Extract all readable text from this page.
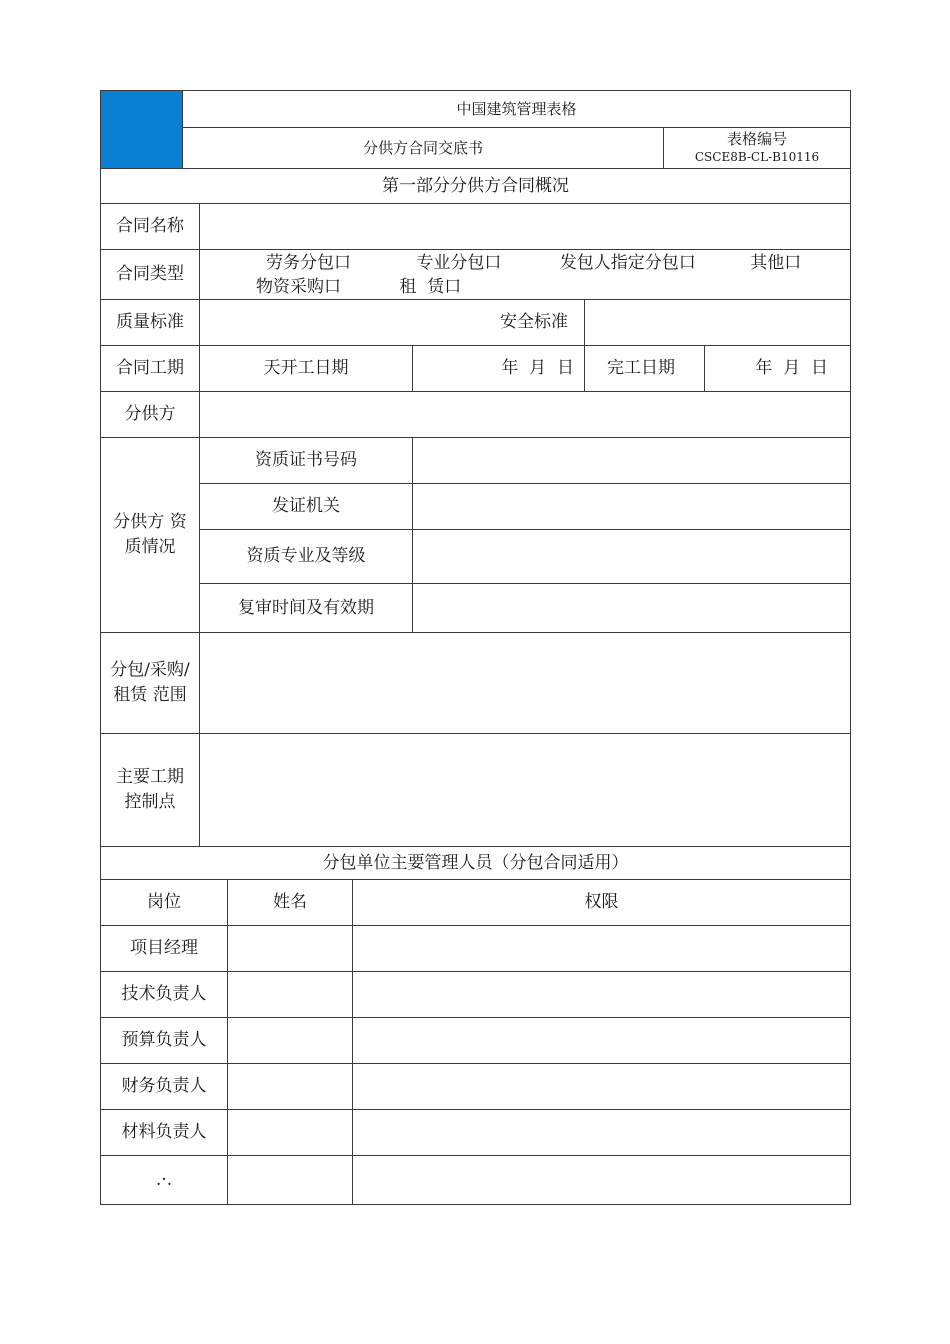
	中国建筑管理表格	
	分供方合同交底书	表格编号
CSCE8B-CL-B10116
第一部分分供方合同概况				
合同名称				
合同类型	劳务分包口 专业分包口 发包人指定分包口 其他口
物资采购口 租  赁口			

质量标准	安全标准			
合同工期	天开工日期	年  月  日	完工日期	年  月  日
分供方				
分供方 资质情况	资质证书号码			
	发证机关			
	资质专业及等级			
	复审时间及有效期			
分包/采购/租赁 范围				
主要工期控制点				
分包单位主要管理人员（分包合同适用）		
岗位	姓名	权限
项目经理		
技术负责人		
预算负责人		
财务负责人		
材料负责人		
.·.		
